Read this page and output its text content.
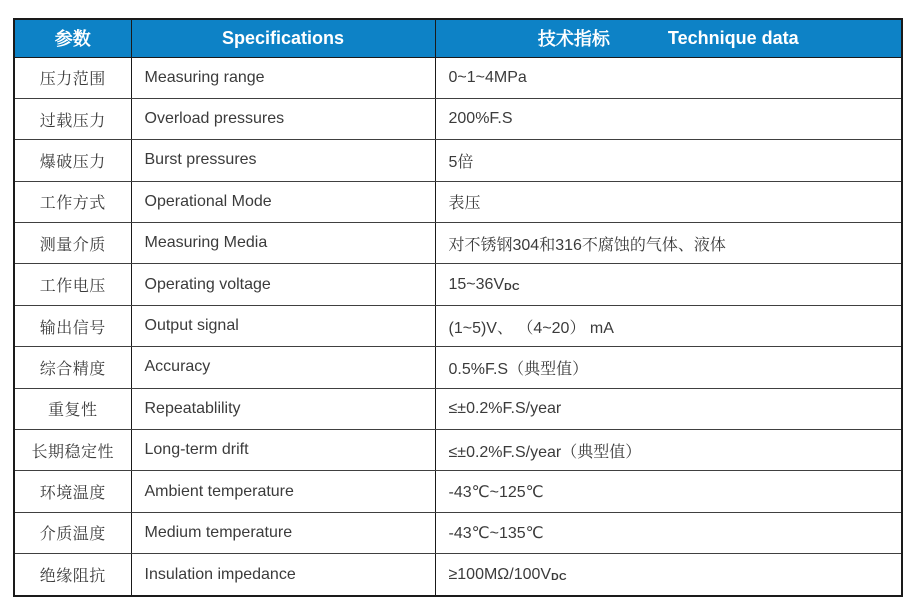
参数	Specifications	技术指标 Technique data

压力范围	Measuring range	0~1~4MPa
过载压力	Overload pressures	200%F.S
爆破压力	Burst pressures	5倍
工作方式	Operational Mode	表压
测量介质	Measuring Media	对不锈钢304和316不腐蚀的气体、液体
工作电压	Operating voltage	15~36VDC
输出信号	Output signal	(1~5)V、 （4~20） mA
综合精度	Accuracy	0.5%F.S（典型值）
重复性	Repeatablility	≤±0.2%F.S/year
长期稳定性	Long-term drift	≤±0.2%F.S/year（典型值）
环境温度	Ambient temperature	-43℃~125℃
介质温度	Medium temperature	-43℃~135℃
绝缘阻抗	Insulation impedance	≥100MΩ/100VDC
